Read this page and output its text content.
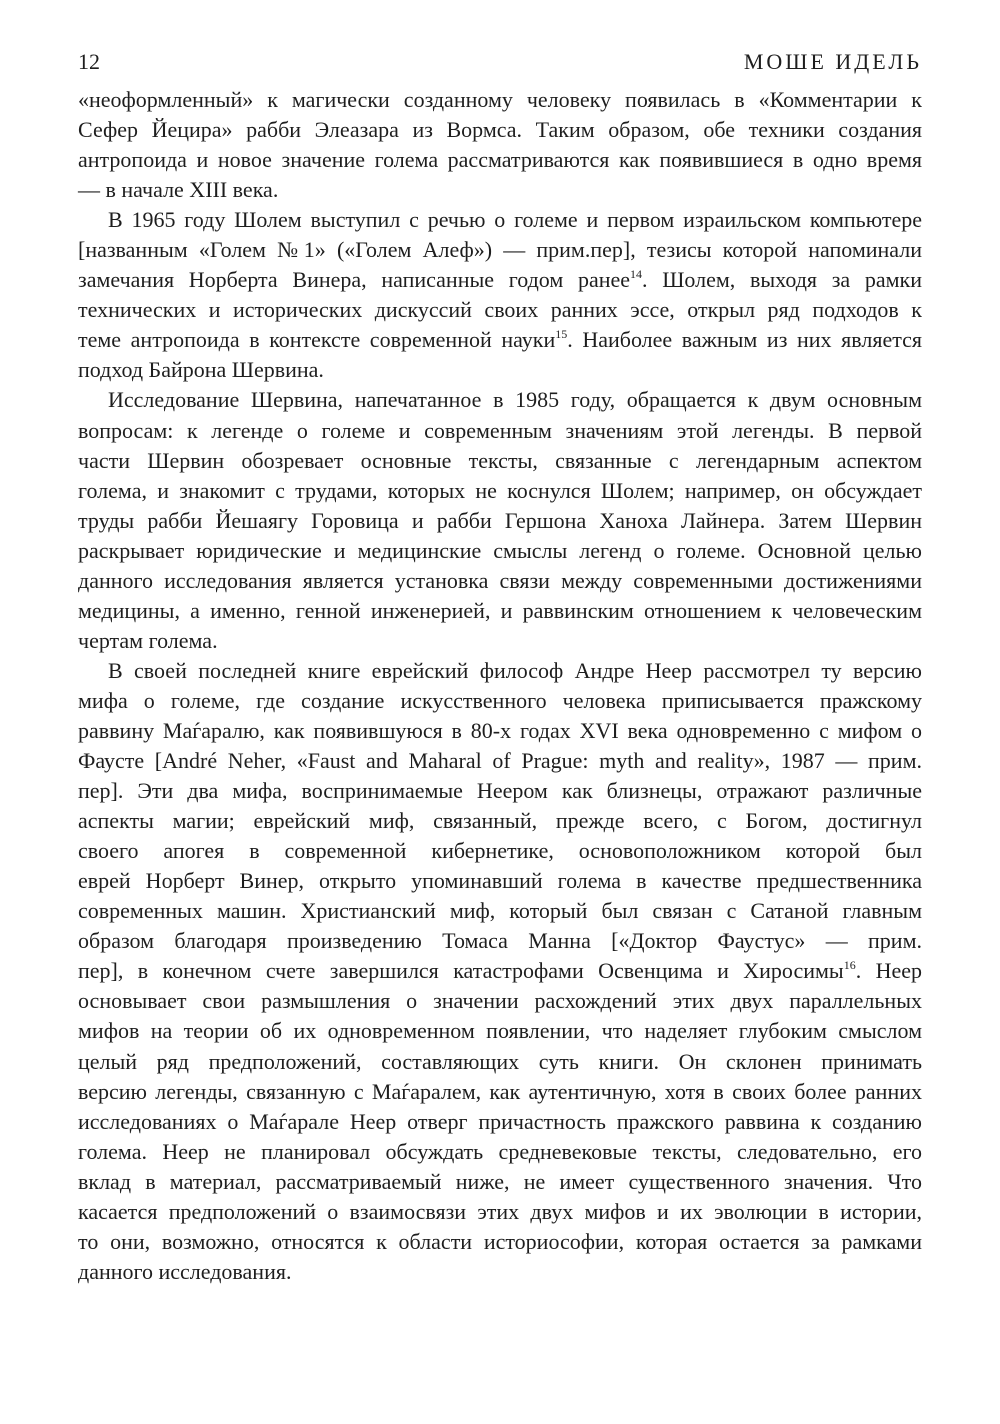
12	МОШЕ ИДЕЛЬ
«неоформленный» к магически созданному человеку появилась в «Комментарии к
Сефер Йецира» рабби Элеазара из Вормса. Таким образом, обе техники создания
антропоида и новое значение голема рассматриваются как появившиеся в одно время
— в начале XIII века.
В 1965 году Шолем выступил с речью о големе и первом израильском компьютере
[названным «Голем №1» («Голем Алеф») — прим.пер], тезисы которой напоминали
замечания Норберта Винера, написанные годом ранее$^{14}$. Шолем, выходя за рамки
технических и исторических дискуссий своих ранних эссе, открыл ряд подходов к
теме антропоида в контексте современной науки$^{15}$. Наиболее важным из них является
подход Байрона Шервина.
Исследование Шервина, напечатанное в 1985 году, обращается к двум основным
вопросам: к легенде о големе и современным значениям этой легенды. В первой
части Шервин обозревает основные тексты, связанные с легендарным аспектом
голема, и знакомит с трудами, которых не коснулся Шолем; например, он обсуждает
труды рабби Йешаягу Горовица и рабби Гершона Ханоха Лайнера. Затем Шервин
раскрывает юридические и медицинские смыслы легенд о големе. Основной целью
данного исследования является установка связи между современными достижениями
медицины, а именно, генной инженерией, и раввинским отношением к человеческим
чертам голема.
В своей последней книге еврейский философ Андре Неер рассмотрел ту версию
мифа о големе, где создание искусственного человека приписывается пражскому
раввину Маѓаралю, как появившуюся в 80-х годах XVI века одновременно с мифом о
Фаусте [André Neher, «Faust and Maharal of Prague: myth and reality», 1987 — прим.
пер]. Эти два мифа, воспринимаемые Неером как близнецы, отражают различные
аспекты магии; еврейский миф, связанный, прежде всего, с Богом, достигнул
своего апогея в современной кибернетике, основоположником которой был
еврей Норберт Винер, открыто упоминавший голема в качестве предшественника
современных машин. Христианский миф, который был связан с Сатаной главным
образом благодаря произведению Томаса Манна [«Доктор Фаустус» — прим.
пер], в конечном счете завершился катастрофами Освенцима и Хиросимы$^{16}$. Неер
основывает свои размышления о значении расхождений этих двух параллельных
мифов на теории об их одновременном появлении, что наделяет глубоким смыслом
целый ряд предположений, составляющих суть книги. Он склонен принимать
версию легенды, связанную с Маѓаралем, как аутентичную, хотя в своих более ранних
исследованиях о Маѓарале Неер отверг причастность пражского раввина к созданию
голема. Неер не планировал обсуждать средневековые тексты, следовательно, его
вклад в материал, рассматриваемый ниже, не имеет существенного значения. Что
касается предположений о взаимосвязи этих двух мифов и их эволюции в истории,
то они, возможно, относятся к области историософии, которая остается за рамками
данного исследования.
